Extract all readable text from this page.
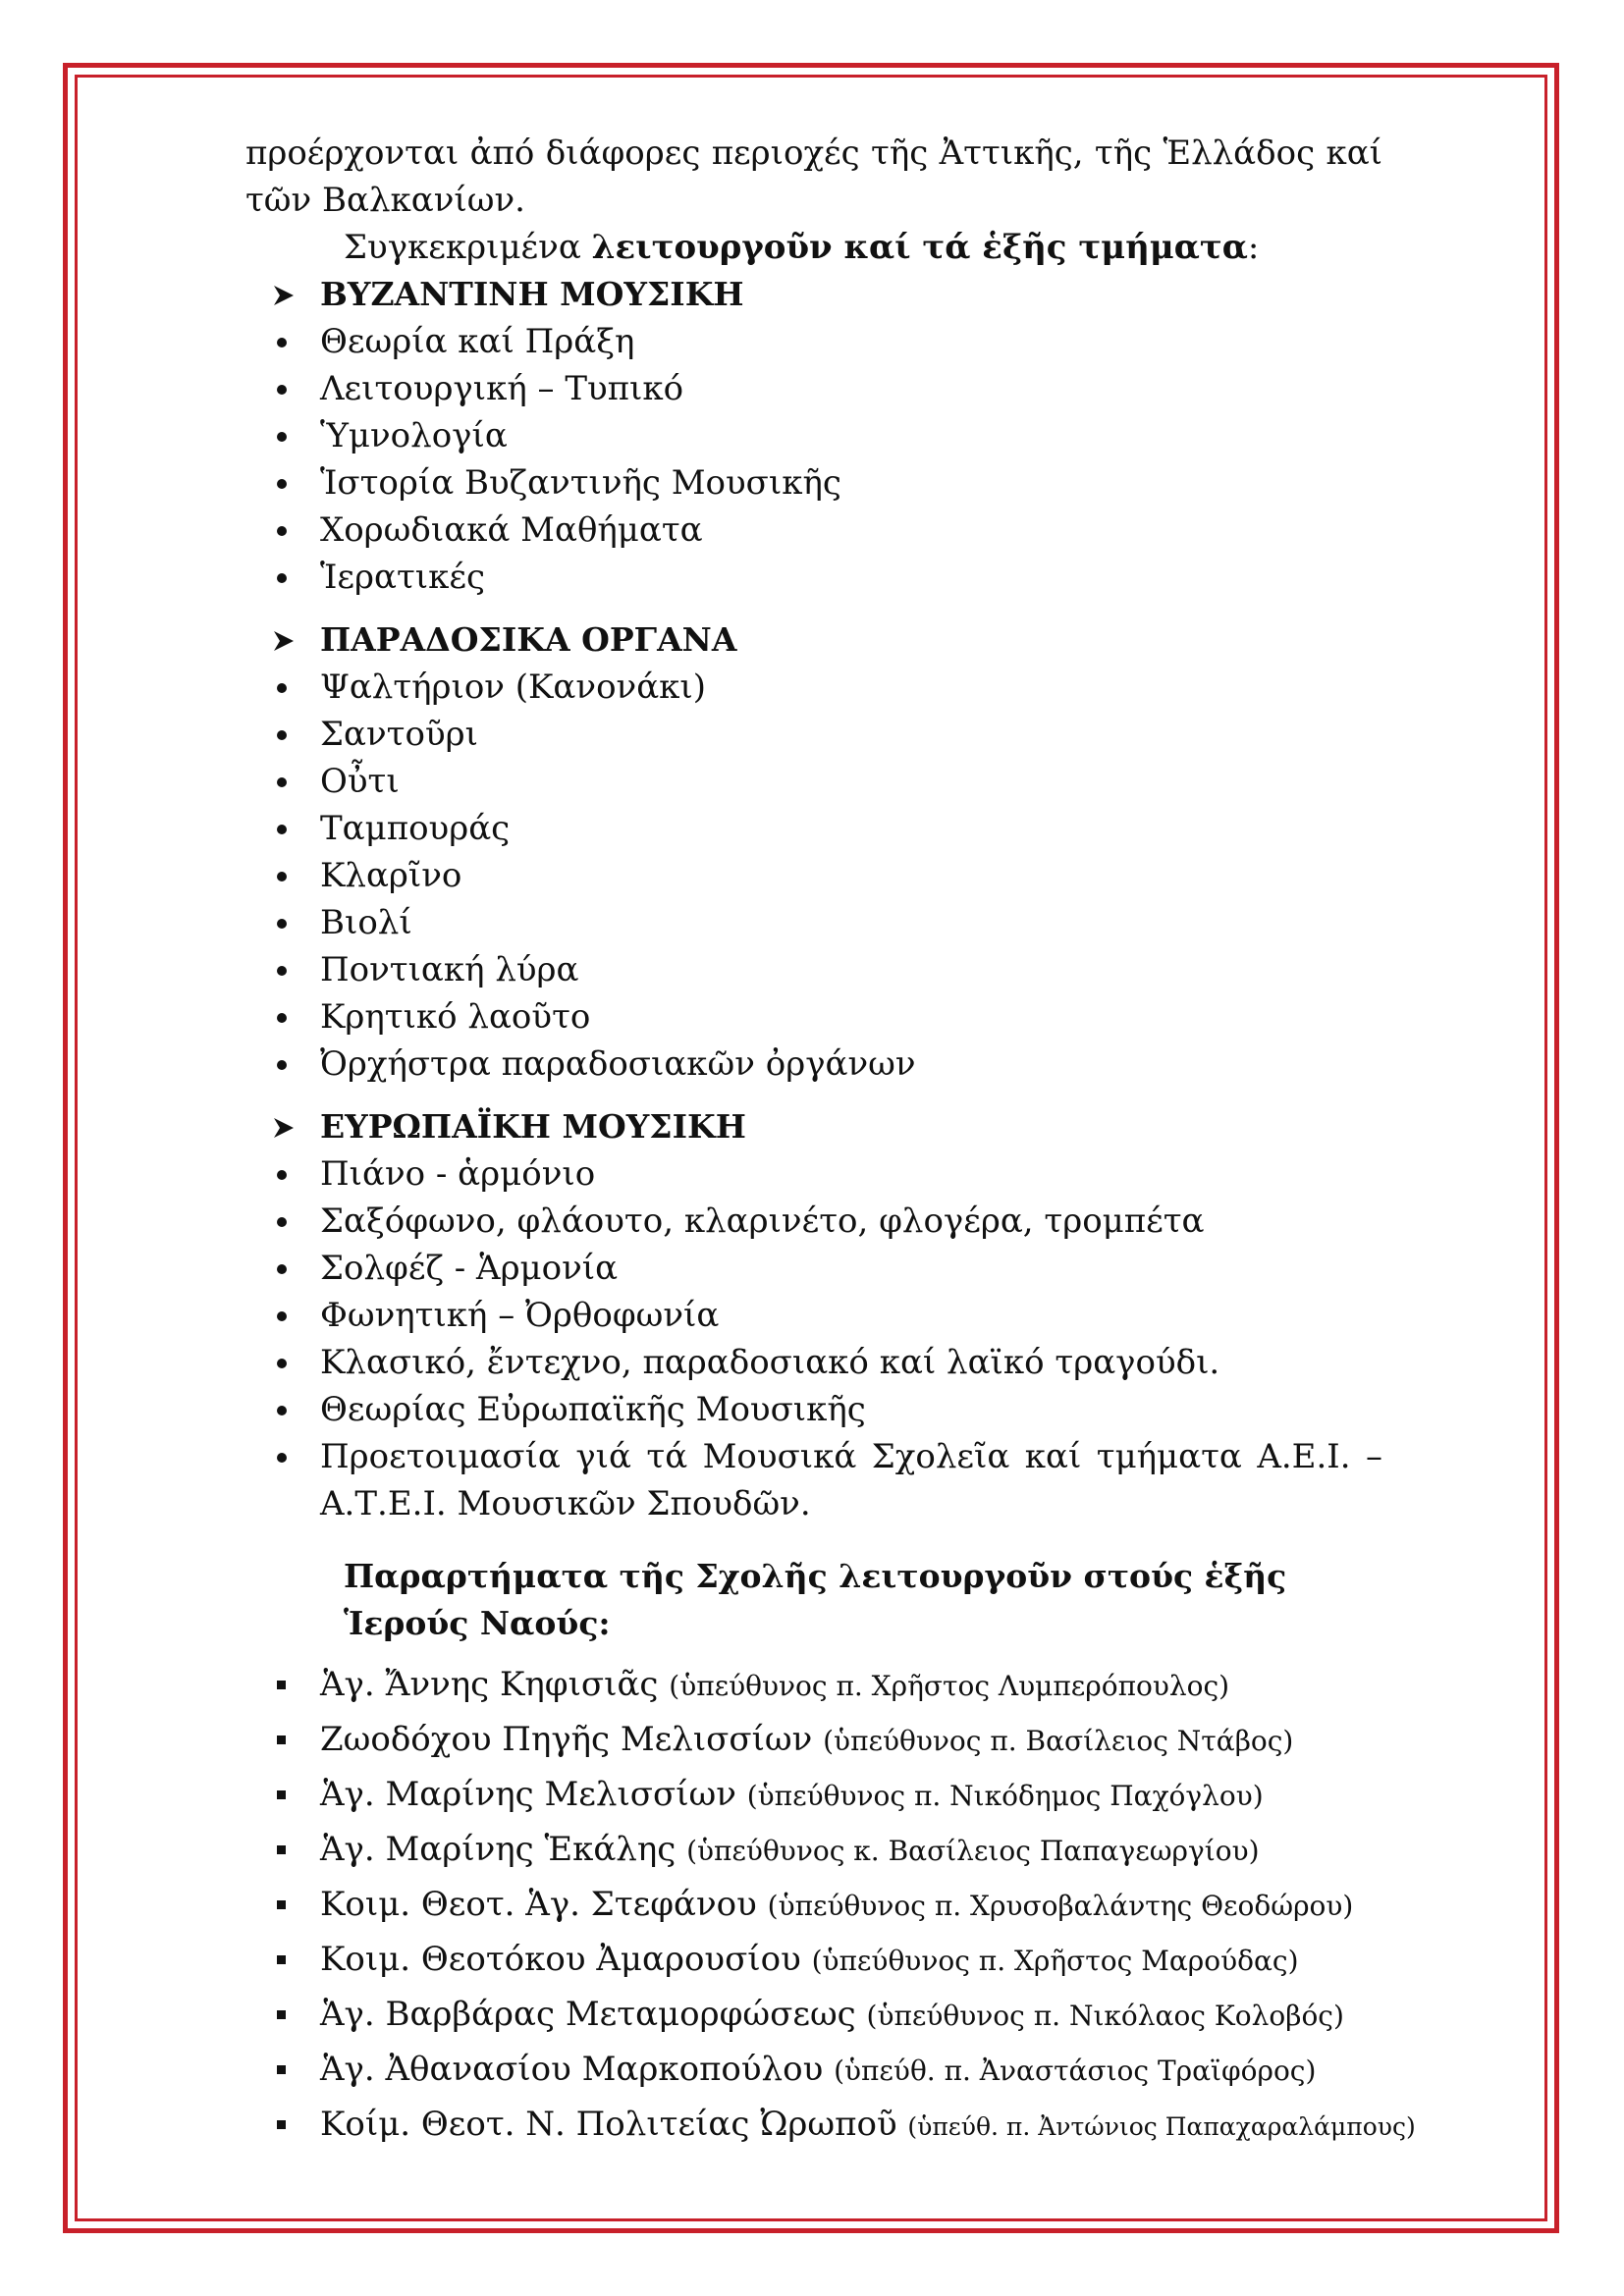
προέρχονται ἀπό διάφορες περιοχές τῆς Ἀττικῆς, τῆς Ἑλλάδος καί τῶν Βαλκανίων.

Συγκεκριμένα λειτουργοῦν καί τά ἑξῆς τμήματα:

ΒΥΖΑΝΤΙΝΗ ΜΟΥΣΙΚΗ
Θεωρία καί Πράξη
Λειτουργική – Τυπικό
Ὑμνολογία
Ἱστορία Βυζαντινῆς Μουσικῆς
Χορωδιακά Μαθήματα
Ἱερατικές
ΠΑΡΑΔΟΣΙΚΑ ΟΡΓΑΝΑ
Ψαλτήριον (Κανονάκι)
Σαντοῦρι
Οὖτι
Ταμπουράς
Κλαρῖνο
Βιολί
Ποντιακή λύρα
Κρητικό λαοῦτο
Ὀρχήστρα παραδοσιακῶν ὀργάνων
ΕΥΡΩΠΑΪΚΗ ΜΟΥΣΙΚΗ
Πιάνο - ἁρμόνιο
Σαξόφωνο, φλάουτο, κλαρινέτο, φλογέρα, τρομπέτα
Σολφέζ - Ἁρμονία
Φωνητική – Ὀρθοφωνία
Κλασικό, ἔντεχνο, παραδοσιακό καί λαϊκό τραγούδι.
Θεωρίας Εὐρωπαϊκῆς Μουσικῆς
Προετοιμασία γιά τά Μουσικά Σχολεῖα καί τμήματα Α.Ε.Ι. – Α.Τ.Ε.Ι. Μουσικῶν Σπουδῶν.

Παραρτήματα τῆς Σχολῆς λειτουργοῦν στούς ἑξῆς Ἱερούς Ναούς:

Ἁγ. Ἄννης Κηφισιᾶς (ὑπεύθυνος π. Χρῆστος Λυμπερόπουλος)
Ζωοδόχου Πηγῆς Μελισσίων (ὑπεύθυνος π. Βασίλειος Ντάβος)
Ἁγ. Μαρίνης Μελισσίων (ὑπεύθυνος π. Νικόδημος Παχόγλου)
Ἁγ. Μαρίνης Ἑκάλης (ὑπεύθυνος κ. Βασίλειος Παπαγεωργίου)
Κοιμ. Θεοτ. Ἁγ. Στεφάνου (ὑπεύθυνος π. Χρυσοβαλάντης Θεοδώρου)
Κοιμ. Θεοτόκου Ἀμαρουσίου (ὑπεύθυνος π. Χρῆστος Μαρούδας)
Ἁγ. Βαρβάρας Μεταμορφώσεως (ὑπεύθυνος π. Νικόλαος Κολοβός)
Ἁγ. Ἀθανασίου Μαρκοπούλου (ὑπεύθ. π. Ἀναστάσιος Τραϊφόρος)
Κοίμ. Θεοτ. Ν. Πολιτείας Ὠρωποῦ (ὑπεύθ. π. Ἀντώνιος Παπαχαραλάμπους)
